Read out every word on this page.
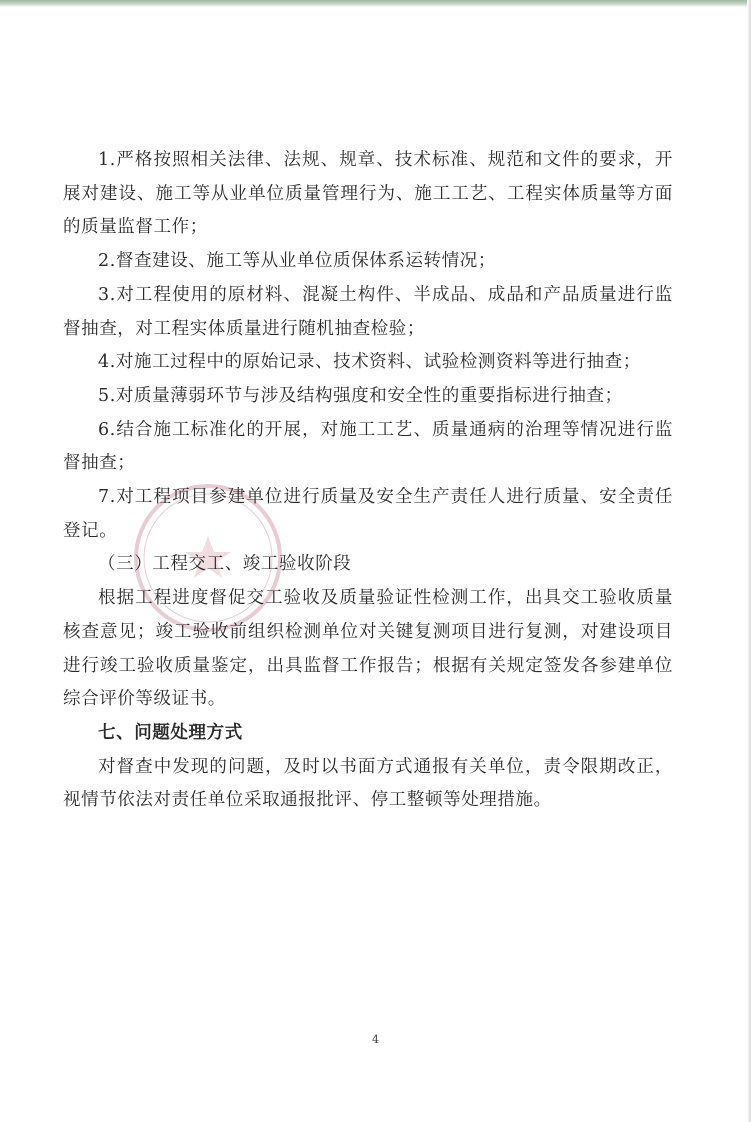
1.严格按照相关法律、法规、规章、技术标准、规范和文件的要求，开展对建设、施工等从业单位质量管理行为、施工工艺、工程实体质量等方面的质量监督工作；

2.督查建设、施工等从业单位质保体系运转情况；

3.对工程使用的原材料、混凝土构件、半成品、成品和产品质量进行监督抽查，对工程实体质量进行随机抽查检验；

4.对施工过程中的原始记录、技术资料、试验检测资料等进行抽查；

5.对质量薄弱环节与涉及结构强度和安全性的重要指标进行抽查；

6.结合施工标准化的开展，对施工工艺、质量通病的治理等情况进行监督抽查；

7.对工程项目参建单位进行质量及安全生产责任人进行质量、安全责任登记。

（三）工程交工、竣工验收阶段

根据工程进度督促交工验收及质量验证性检测工作，出具交工验收质量核查意见；竣工验收前组织检测单位对关键复测项目进行复测，对建设项目进行竣工验收质量鉴定，出具监督工作报告；根据有关规定签发各参建单位综合评价等级证书。

七、问题处理方式

对督查中发现的问题，及时以书面方式通报有关单位，责令限期改正，视情节依法对责任单位采取通报批评、停工整顿等处理措施。

4
